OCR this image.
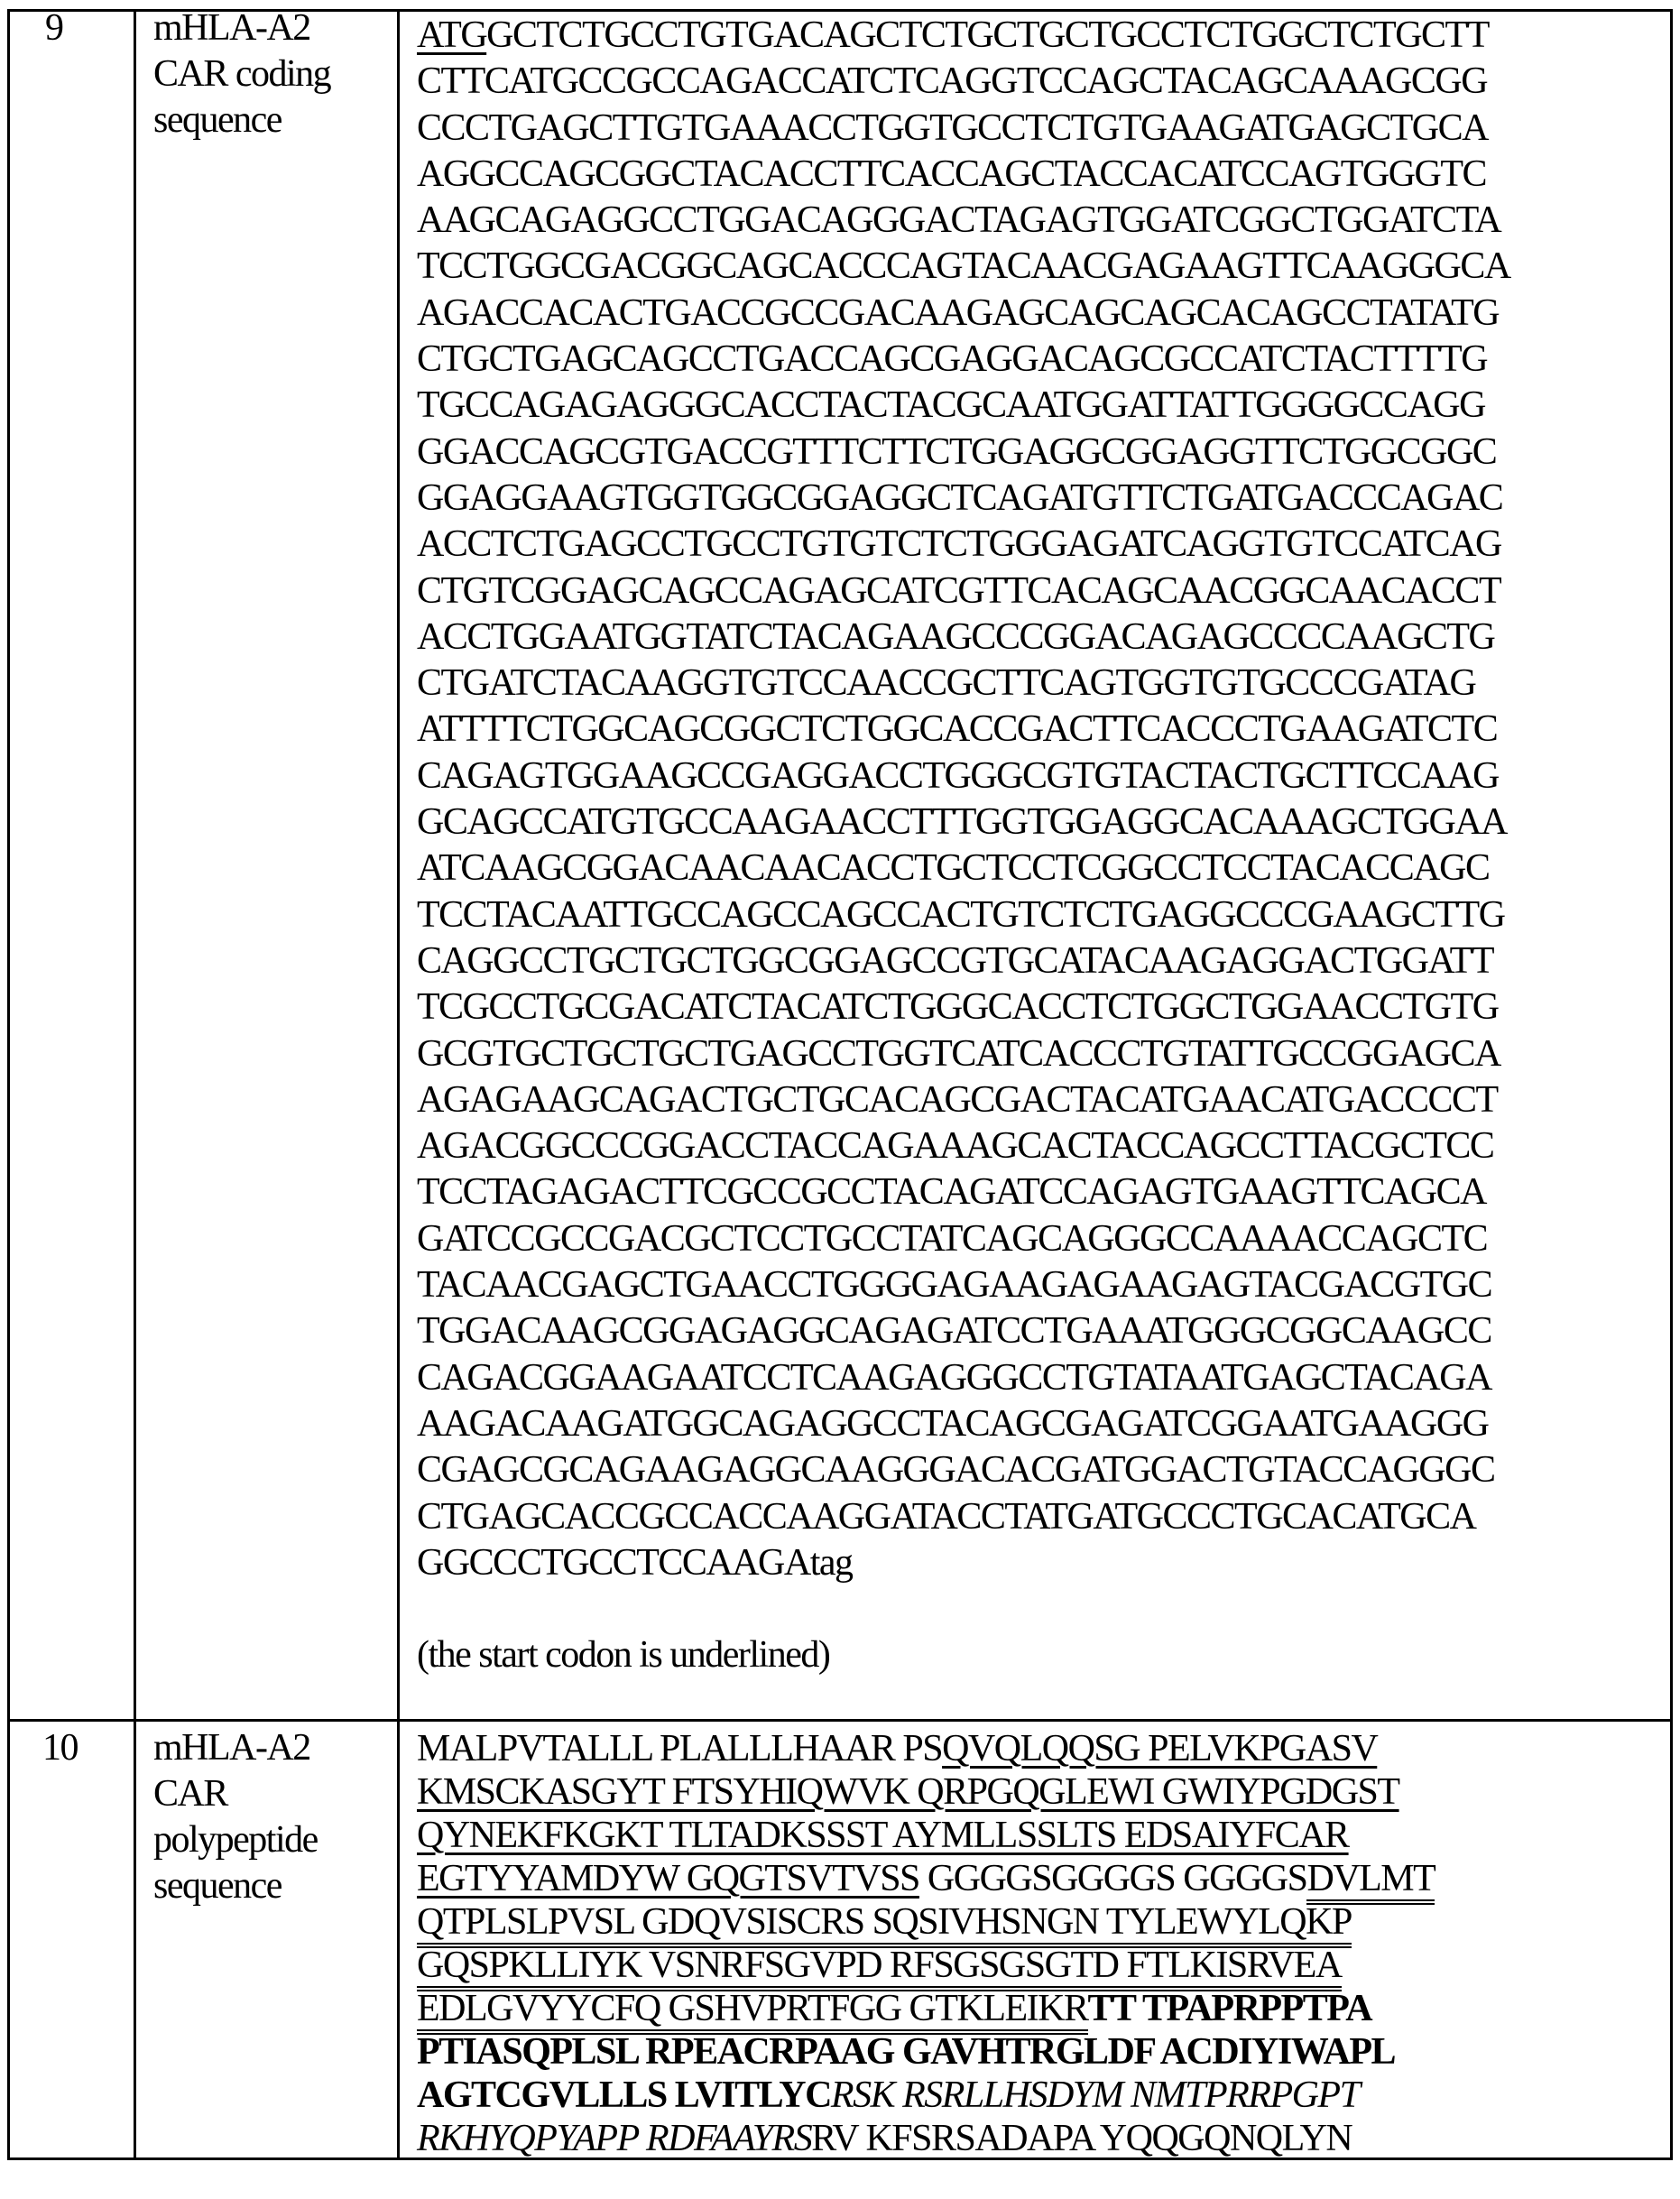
9 mHLA-A2
CAR coding
sequence
ATGGCTCTGCCTGTGACAGCTCTGCTGCTGCCTCTGGCTCTGCTT
CTTCATGCCGCCAGACCATCTCAGGTCCAGCTACAGCAAAGCGG
CCCTGAGCTTGTGAAACCTGGTGCCTCTGTGAAGATGAGCTGCA
AGGCCAGCGGCTACACCTTCACCAGCTACCACATCCAGTGGGTC
AAGCAGAGGCCTGGACAGGGACTAGAGTGGATCGGCTGGATCTA
TCCTGGCGACGGCAGCACCCAGTACAACGAGAAGTTCAAGGGCA
AGACCACACTGACCGCCGACAAGAGCAGCAGCACAGCCTATATG
CTGCTGAGCAGCCTGACCAGCGAGGACAGCGCCATCTACTTTTG
TGCCAGAGAGGGCACCTACTACGCAATGGATTATTGGGGCCAGG
GGACCAGCGTGACCGTTTCTTCTGGAGGCGGAGGTTCTGGCGGC
GGAGGAAGTGGTGGCGGAGGCTCAGATGTTCTGATGACCCAGAC
ACCTCTGAGCCTGCCTGTGTCTCTGGGAGATCAGGTGTCCATCAG
CTGTCGGAGCAGCCAGAGCATCGTTCACAGCAACGGCAACACCT
ACCTGGAATGGTATCTACAGAAGCCCGGACAGAGCCCCAAGCTG
CTGATCTACAAGGTGTCCAACCGCTTCAGTGGTGTGCCCGATAG
ATTTTCTGGCAGCGGCTCTGGCACCGACTTCACCCTGAAGATCTC
CAGAGTGGAAGCCGAGGACCTGGGCGTGTACTACTGCTTCCAAG
GCAGCCATGTGCCAAGAACCTTTGGTGGAGGCACAAAGCTGGAA
ATCAAGCGGACAACAACACCTGCTCCTCGGCCTCCTACACCAGC
TCCTACAATTGCCAGCCAGCCACTGTCTCTGAGGCCCGAAGCTTG
CAGGCCTGCTGCTGGCGGAGCCGTGCATACAAGAGGACTGGATT
TCGCCTGCGACATCTACATCTGGGCACCTCTGGCTGGAACCTGTG
GCGTGCTGCTGCTGAGCCTGGTCATCACCCTGTATTGCCGGAGCA
AGAGAAGCAGACTGCTGCACAGCGACTACATGAACATGACCCCT
AGACGGCCCGGACCTACCAGAAAGCACTACCAGCCTTACGCTCC
TCCTAGAGACTTCGCCGCCTACAGATCCAGAGTGAAGTTCAGCA
GATCCGCCGACGCTCCTGCCTATCAGCAGGGCCAAAACCAGCTC
TACAACGAGCTGAACCTGGGGAGAAGAGAAGAGTACGACGTGC
TGGACAAGCGGAGAGGCAGAGATCCTGAAATGGGCGGCAAGCC
CAGACGGAAGAATCCTCAAGAGGGCCTGTATAATGAGCTACAGA
AAGACAAGATGGCAGAGGCCTACAGCGAGATCGGAATGAAGGG
CGAGCGCAGAAGAGGCAAGGGACACGATGGACTGTACCAGGGC
CTGAGCACCGCCACCAAGGATACCTATGATGCCCTGCACATGCA
GGCCCTGCCTCCAAGAtag
(the start codon is underlined)
10 mHLA-A2
CAR
polypeptide
sequence
MALPVTALLL PLALLLHAAR PSQVQLQQSG PELVKPGASV
KMSCKASGYT FTSYHIQWVK QRPGQGLEWI GWIYPGDGST
QYNEKFKGKT TLTADKSSST AYMLLSSLTS EDSAIYFCAR
EGTYYAMDYW GQGTSVTVSS GGGGSGGGGS GGGGSDVLMT
QTPLSLPVSL GDQVSISCRS SQSIVHSNGN TYLEWYLQKP
GQSPKLLIYK VSNRFSGVPD RFSGSGSGTD FTLKISRVEA
EDLGVYYCFQ GSHVPRTFGG GTKLEIKRTT TPAPRPPTPA
PTIASQPLSL RPEACRPAAG GAVHTRGLDF ACDIYIWAPL
AGTCGVLLLS LVITLYCRSK RSRLLHSDYM NMTPRRPGPT
RKHYQPYAPP RDFAAYRSRV KFSRSADAPA YQQGQNQLYN
